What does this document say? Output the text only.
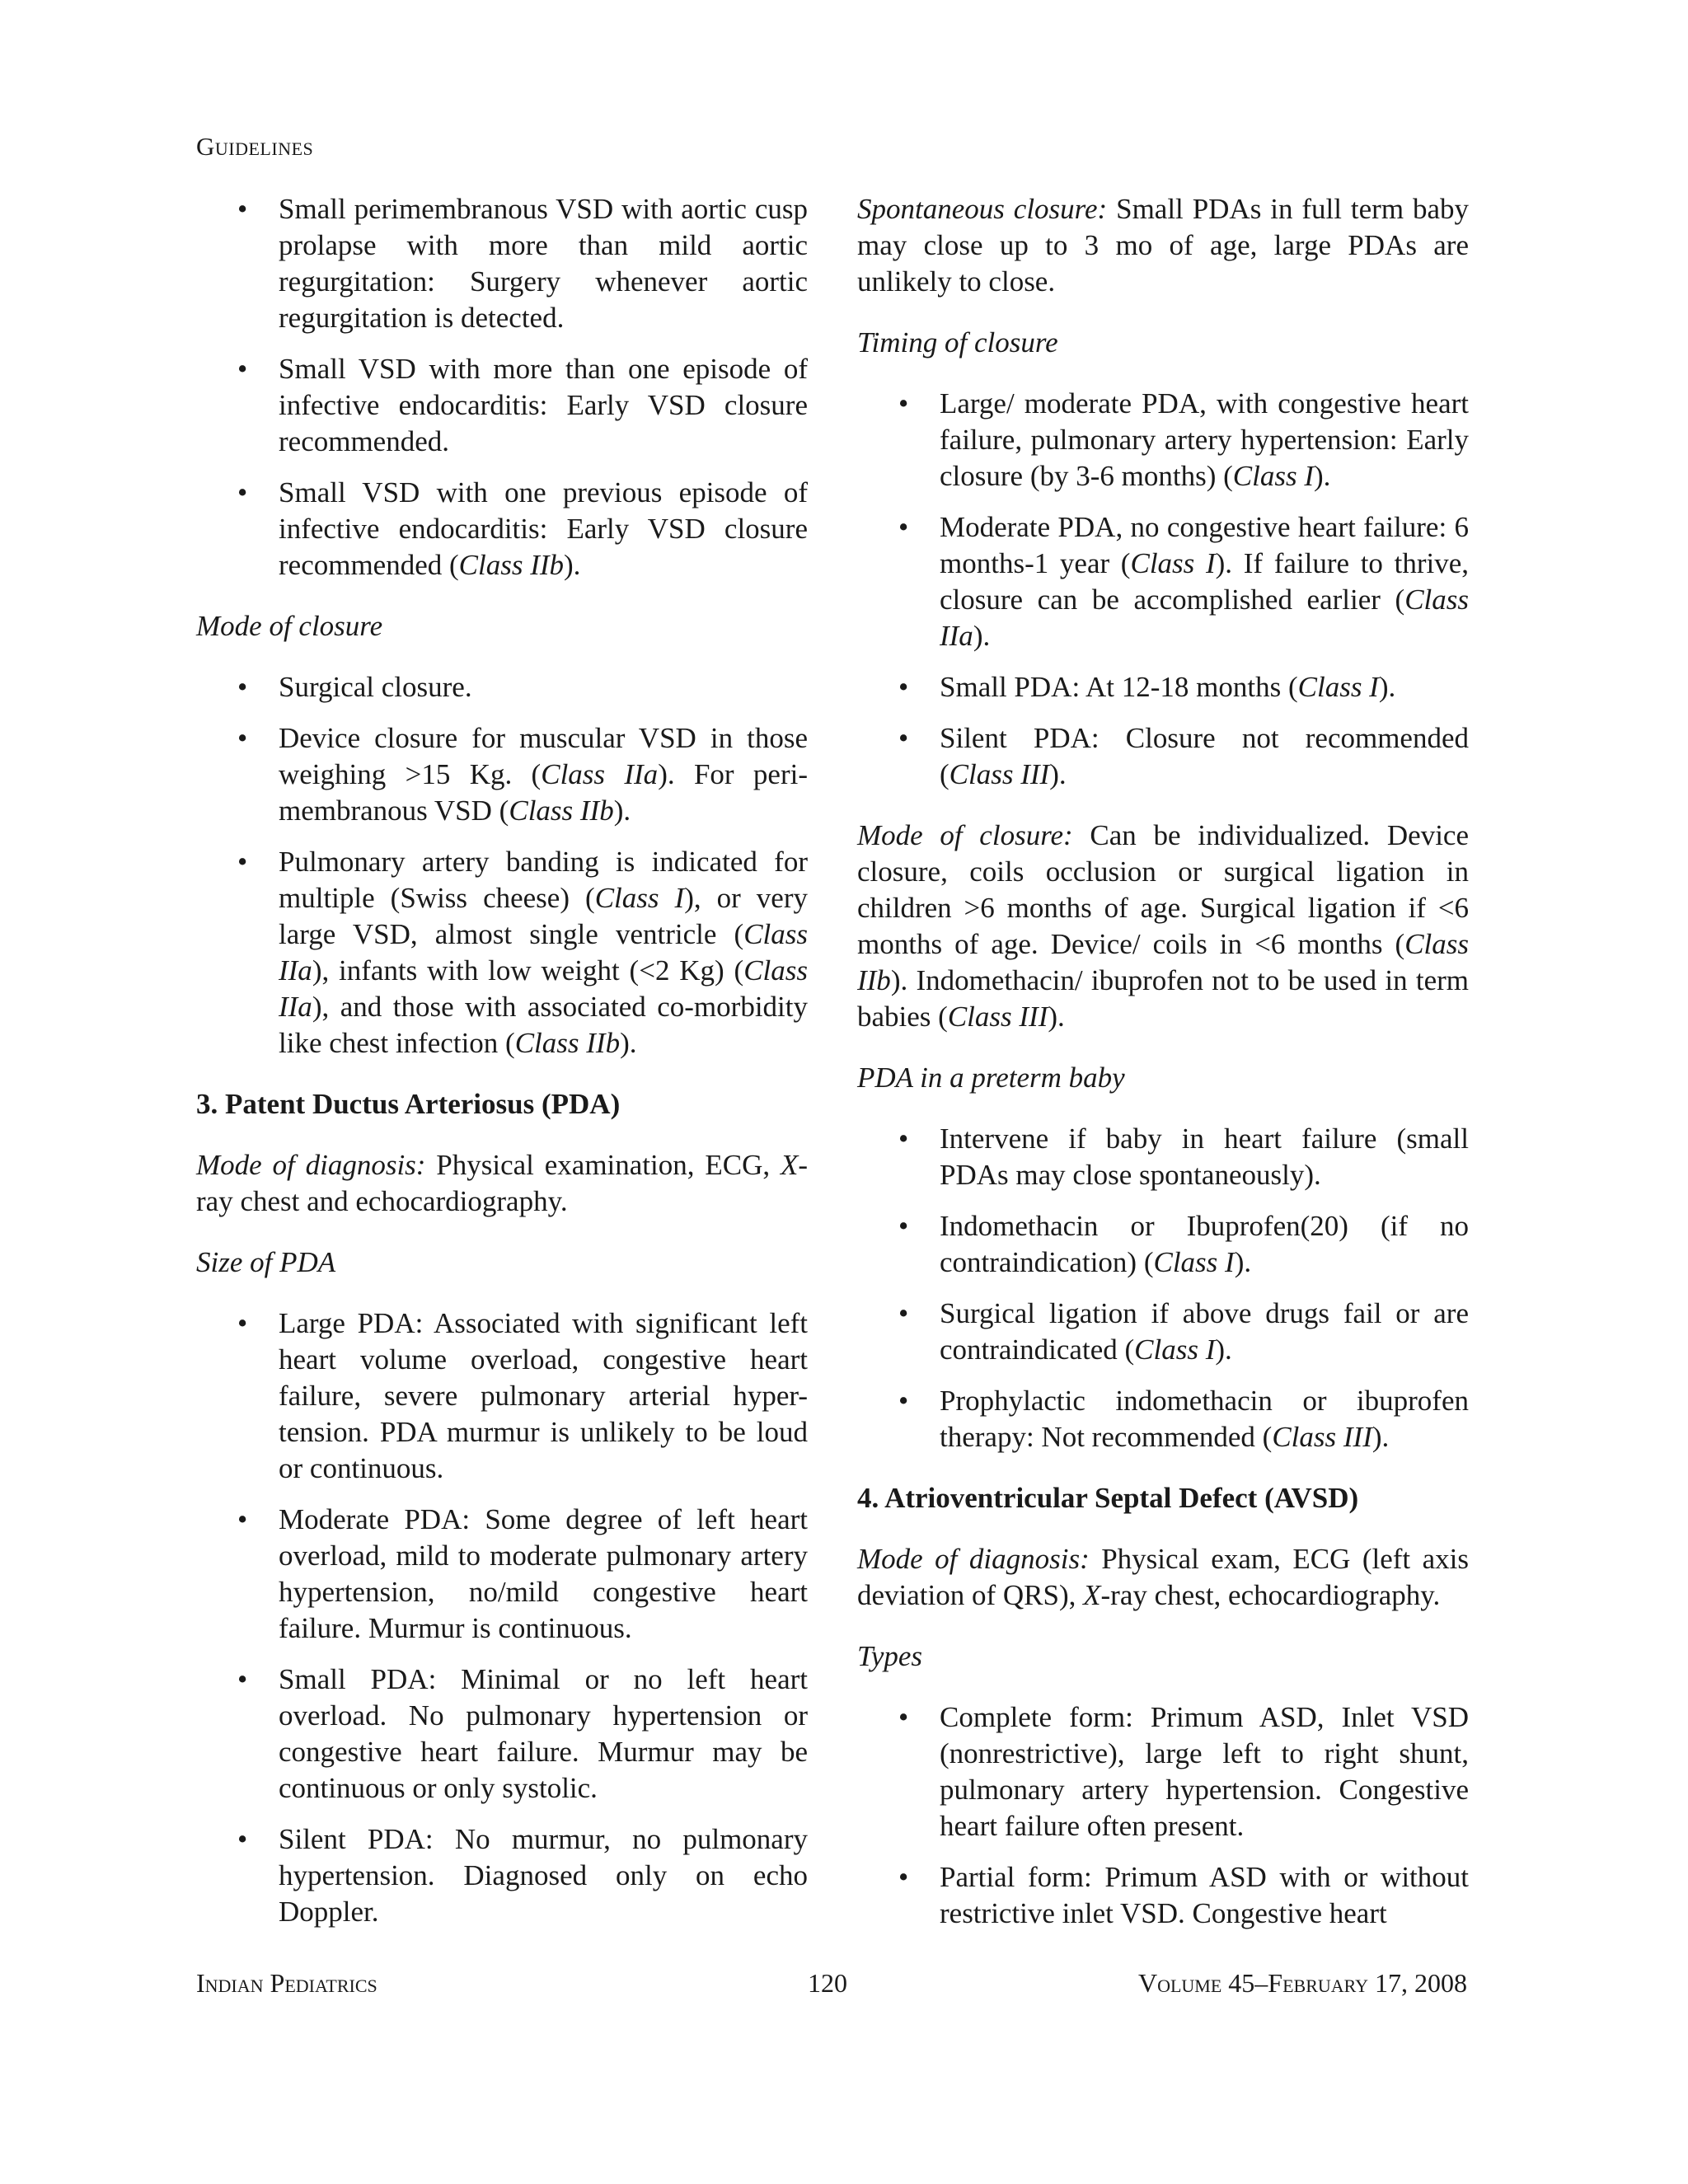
Guidelines
• Small perimembranous VSD with aortic cusp prolapse with more than mild aortic regurgitation: Surgery whenever aortic regurgitation is detected.
• Small VSD with more than one episode of infective endocarditis: Early VSD closure recommended.
• Small VSD with one previous episode of infective endocarditis: Early VSD closure recommended (Class IIb).

Mode of closure

• Surgical closure.
• Device closure for muscular VSD in those weighing >15 Kg. (Class IIa). For peri-membranous VSD (Class IIb).
• Pulmonary artery banding is indicated for multiple (Swiss cheese) (Class I), or very large VSD, almost single ventricle (Class IIa), infants with low weight (<2 Kg) (Class IIa), and those with associated co-morbidity like chest infection (Class IIb).

3. Patent Ductus Arteriosus (PDA)

Mode of diagnosis: Physical examination, ECG, X-ray chest and echocardiography.

Size of PDA

• Large PDA: Associated with significant left heart volume overload, congestive heart failure, severe pulmonary arterial hyper-tension. PDA murmur is unlikely to be loud or continuous.
• Moderate PDA: Some degree of left heart overload, mild to moderate pulmonary artery hypertension, no/mild congestive heart failure. Murmur is continuous.
• Small PDA: Minimal or no left heart overload. No pulmonary hypertension or congestive heart failure. Murmur may be continuous or only systolic.
• Silent PDA: No murmur, no pulmonary hypertension. Diagnosed only on echo Doppler.

Spontaneous closure: Small PDAs in full term baby may close up to 3 mo of age, large PDAs are unlikely to close.

Timing of closure

• Large/ moderate PDA, with congestive heart failure, pulmonary artery hypertension: Early closure (by 3-6 months) (Class I).
• Moderate PDA, no congestive heart failure: 6 months-1 year (Class I). If failure to thrive, closure can be accomplished earlier (Class IIa).
• Small PDA: At 12-18 months (Class I).
• Silent PDA: Closure not recommended (Class III).

Mode of closure: Can be individualized. Device closure, coils occlusion or surgical ligation in children >6 months of age. Surgical ligation if <6 months of age. Device/ coils in <6 months (Class IIb). Indomethacin/ ibuprofen not to be used in term babies (Class III).

PDA in a preterm baby

• Intervene if baby in heart failure (small PDAs may close spontaneously).
• Indomethacin or Ibuprofen(20) (if no contraindication) (Class I).
• Surgical ligation if above drugs fail or are contraindicated (Class I).
• Prophylactic indomethacin or ibuprofen therapy: Not recommended (Class III).

4. Atrioventricular Septal Defect (AVSD)

Mode of diagnosis: Physical exam, ECG (left axis deviation of QRS), X-ray chest, echocardiography.

Types

• Complete form: Primum ASD, Inlet VSD (nonrestrictive), large left to right shunt, pulmonary artery hypertension. Congestive heart failure often present.
• Partial form: Primum ASD with or without restrictive inlet VSD. Congestive heart
Indian Pediatrics	120	Volume 45–February 17, 2008
